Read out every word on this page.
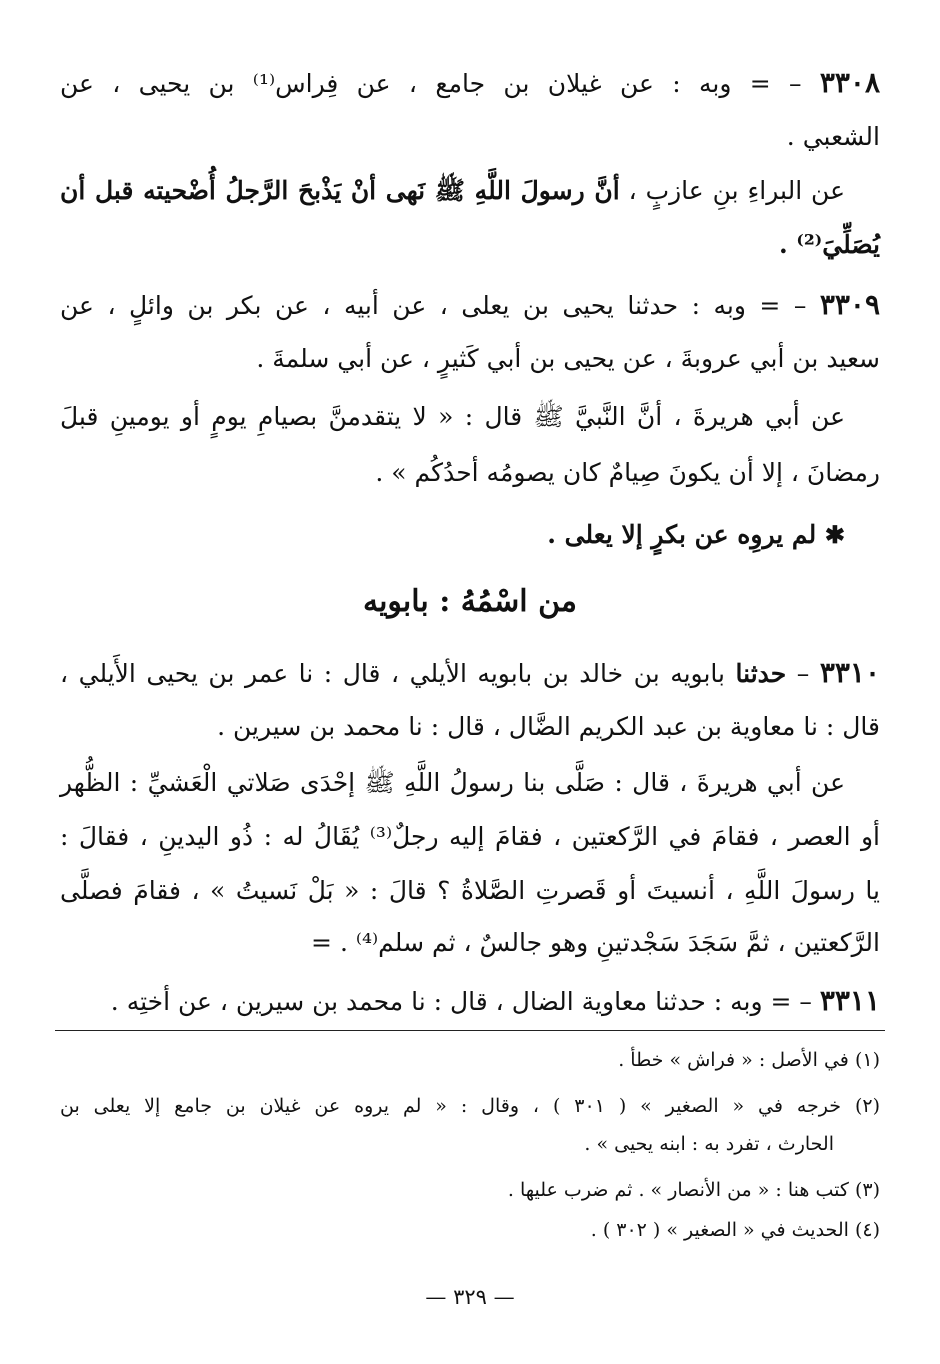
٣٣٠٨ – = وبه : عن غيلان بن جامع ، عن فِراس⁽¹⁾ بن يحيى ، عن
الشعبي .
عن البراءِ بنِ عازبٍ ، أنَّ رسولَ اللَّهِ ﷺ نَهى أنْ يَذْبحَ الرَّجلُ أُضْحيته قبل أن
يُصَلِّيَ⁽²⁾ .
٣٣٠٩ – = وبه : حدثنا يحيى بن يعلى ، عن أبيه ، عن بكر بن وائلٍ ، عن
سعيد بن أبي عروبةَ ، عن يحيى بن أبي كَثيرٍ ، عن أبي سلمةَ .
عن أبي هريرةَ ، أنَّ النَّبيَّ ﷺ قال : « لا يتقدمنَّ بصيامِ يومٍ أو يومينِ قبلَ
رمضانَ ، إلا أن يكونَ صِيامٌ كان يصومُه أحدُكُم » .
✱ لم يروِه عن بكرٍ إلا يعلى .
من اسْمُهُ : بابويه
٣٣١٠ – حدثنا بابويه بن خالد بن بابويه الأيلي ، قال : نا عمر بن يحيى الأَيلي ،
قال : نا معاوية بن عبد الكريم الضَّال ، قال : نا محمد بن سيرين .
عن أبي هريرةَ ، قال : صَلَّى بنا رسولُ اللَّهِ ﷺ إحْدَى صَلاتي الْعَشيِّ : الظُّهر
أو العصر ، فقامَ في الرَّكعتين ، فقامَ إليه رجلٌ⁽³⁾ يُقَالُ له : ذُو اليدينِ ، فقالَ :
يا رسولَ اللَّهِ ، أنسيتَ أو قَصرتِ الصَّلاةُ ؟ قالَ : « بَلْ نَسيتُ » ، فقامَ فصلَّى
الرَّكعتين ، ثمَّ سَجَدَ سَجْدتينِ وهو جالسٌ ، ثم سلم⁽⁴⁾ . =
٣٣١١ – = وبه : حدثنا معاوية الضال ، قال : نا محمد بن سيرين ، عن أختِه .
(١) في الأصل : « فراش » خطأ .
(٢) خرجه في « الصغير » ( ٣٠١ ) ، وقال : « لم يروه عن غيلان بن جامع إلا يعلى بن
الحارث ، تفرد به : ابنه يحيى » .
(٣) كتب هنا : « من الأنصار » . ثم ضرب عليها .
(٤) الحديث في « الصغير » ( ٣٠٢ ) .
— ٣٢٩ —
